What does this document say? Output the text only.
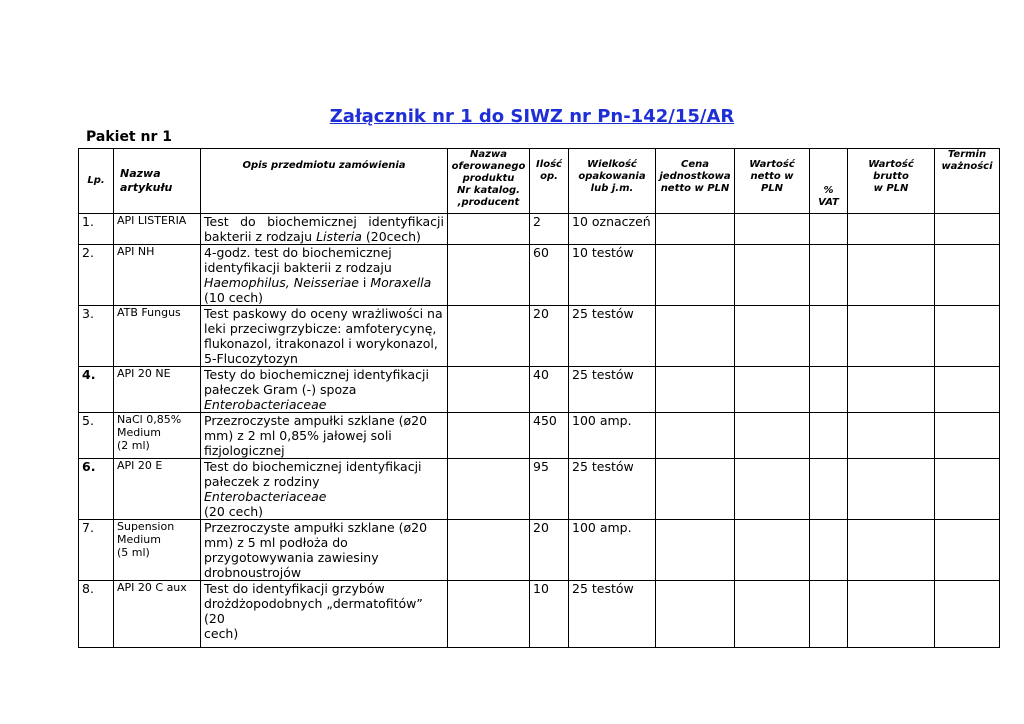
Załącznik nr 1 do SIWZ nr Pn-142/15/AR
Pakiet nr 1
Lp.	Nazwa
artykułu	Opis przedmiotu zamówienia	Nazwa
oferowanego
produktu
Nr katalog.
,producent	Ilość
op.	Wielkość
opakowania
lub j.m.	Cena
jednostkowa
netto w PLN	Wartość
netto w
PLN	%
VAT	Wartość
brutto
w PLN	Termin
ważności
1.	API LISTERIA	Test do biochemicznej identyfikacji
bakterii z rodzaju Listeria (20cech)		2	10 oznaczeń					
2.	API NH	4-godz. test do biochemicznej
identyfikacji bakterii z rodzaju
Haemophilus, Neisseriae i Moraxella
(10 cech)		60	10 testów					
3.	ATB Fungus	Test paskowy do oceny wrażliwości na
leki przeciwgrzybicze: amfoterycynę,
flukonazol, itrakonazol i worykonazol,
5-Flucozytozyn		20	25 testów					
4.	API 20 NE	Testy do biochemicznej identyfikacji
pałeczek Gram (-) spoza
Enterobacteriaceae		40	25 testów					
5.	NaCl 0,85%
Medium
(2 ml)	Przezroczyste ampułki szklane (ø20
mm) z 2 ml 0,85% jałowej soli
fizjologicznej		450	100 amp.					
6.	API 20 E	Test do biochemicznej identyfikacji
pałeczek z rodziny Enterobacteriaceae
(20 cech)		95	25 testów					
7.	Supension
Medium
(5 ml)	Przezroczyste ampułki szklane (ø20
mm) z 5 ml podłoża do
przygotowywania zawiesiny
drobnoustrojów		20	100 amp.					
8.	API 20 C aux	Test do identyfikacji grzybów
drożdżopodobnych „dermatofitów” (20
cech)		10	25 testów					
